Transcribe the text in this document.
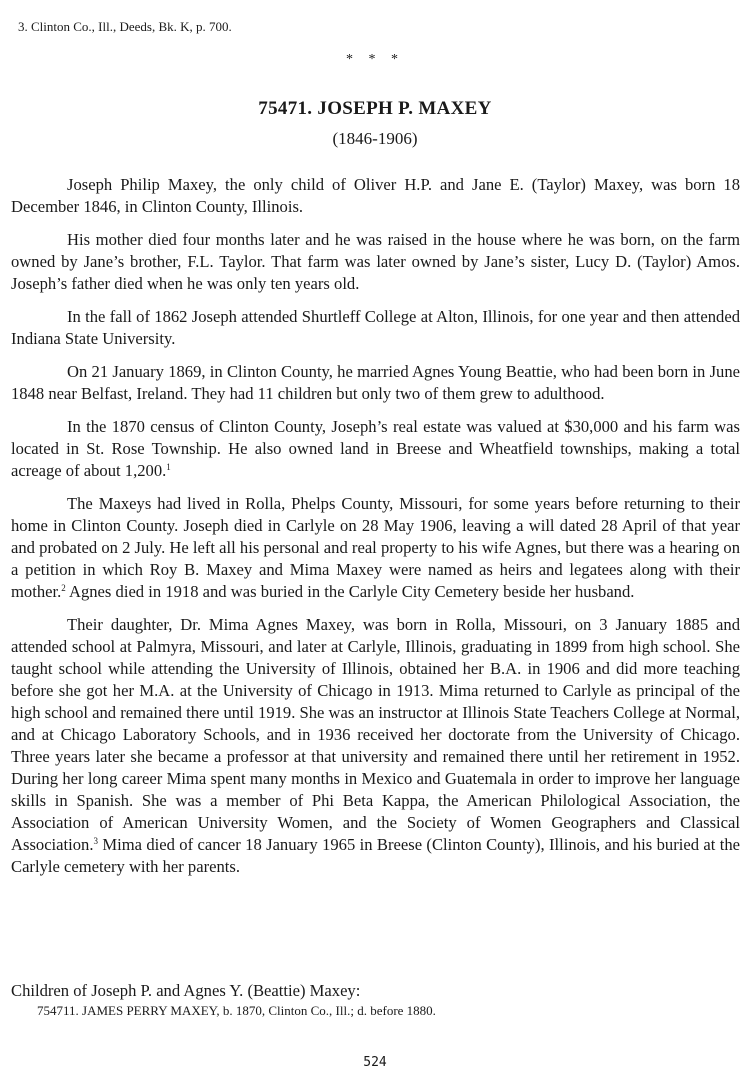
3. Clinton Co., Ill., Deeds, Bk. K, p. 700.
* * *
75471. JOSEPH P. MAXEY
(1846-1906)

Joseph Philip Maxey, the only child of Oliver H.P. and Jane E. (Taylor) Maxey, was born 18 December 1846, in Clinton County, Illinois.

His mother died four months later and he was raised in the house where he was born, on the farm owned by Jane’s brother, F.L. Taylor. That farm was later owned by Jane’s sister, Lucy D. (Taylor) Amos. Joseph’s father died when he was only ten years old.

In the fall of 1862 Joseph attended Shurtleff College at Alton, Illinois, for one year and then attended Indiana State University.

On 21 January 1869, in Clinton County, he married Agnes Young Beattie, who had been born in June 1848 near Belfast, Ireland. They had 11 children but only two of them grew to adulthood.

In the 1870 census of Clinton County, Joseph’s real estate was valued at $30,000 and his farm was located in St. Rose Township. He also owned land in Breese and Wheatfield townships, making a total acreage of about 1,200.$^1$

The Maxeys had lived in Rolla, Phelps County, Missouri, for some years before returning to their home in Clinton County. Joseph died in Carlyle on 28 May 1906, leaving a will dated 28 April of that year and probated on 2 July. He left all his personal and real property to his wife Agnes, but there was a hearing on a petition in which Roy B. Maxey and Mima Maxey were named as heirs and legatees along with their mother.$^2$ Agnes died in 1918 and was buried in the Carlyle City Cemetery beside her husband.

Their daughter, Dr. Mima Agnes Maxey, was born in Rolla, Missouri, on 3 January 1885 and attended school at Palmyra, Missouri, and later at Carlyle, Illinois, graduating in 1899 from high school. She taught school while attending the University of Illinois, obtained her B.A. in 1906 and did more teaching before she got her M.A. at the University of Chicago in 1913. Mima returned to Carlyle as principal of the high school and remained there until 1919. She was an instructor at Illinois State Teachers College at Normal, and at Chicago Laboratory Schools, and in 1936 received her doctorate from the University of Chicago. Three years later she became a professor at that university and remained there until her retirement in 1952. During her long career Mima spent many months in Mexico and Guatemala in order to improve her language skills in Spanish. She was a member of Phi Beta Kappa, the American Philological Association, the Association of American University Women, and the Society of Women Geographers and Classical Association.$^3$ Mima died of cancer 18 January 1965 in Breese (Clinton County), Illinois, and his buried at the Carlyle cemetery with her parents.

Children of Joseph P. and Agnes Y. (Beattie) Maxey:
754711. JAMES PERRY MAXEY, b. 1870, Clinton Co., Ill.; d. before 1880.
524
